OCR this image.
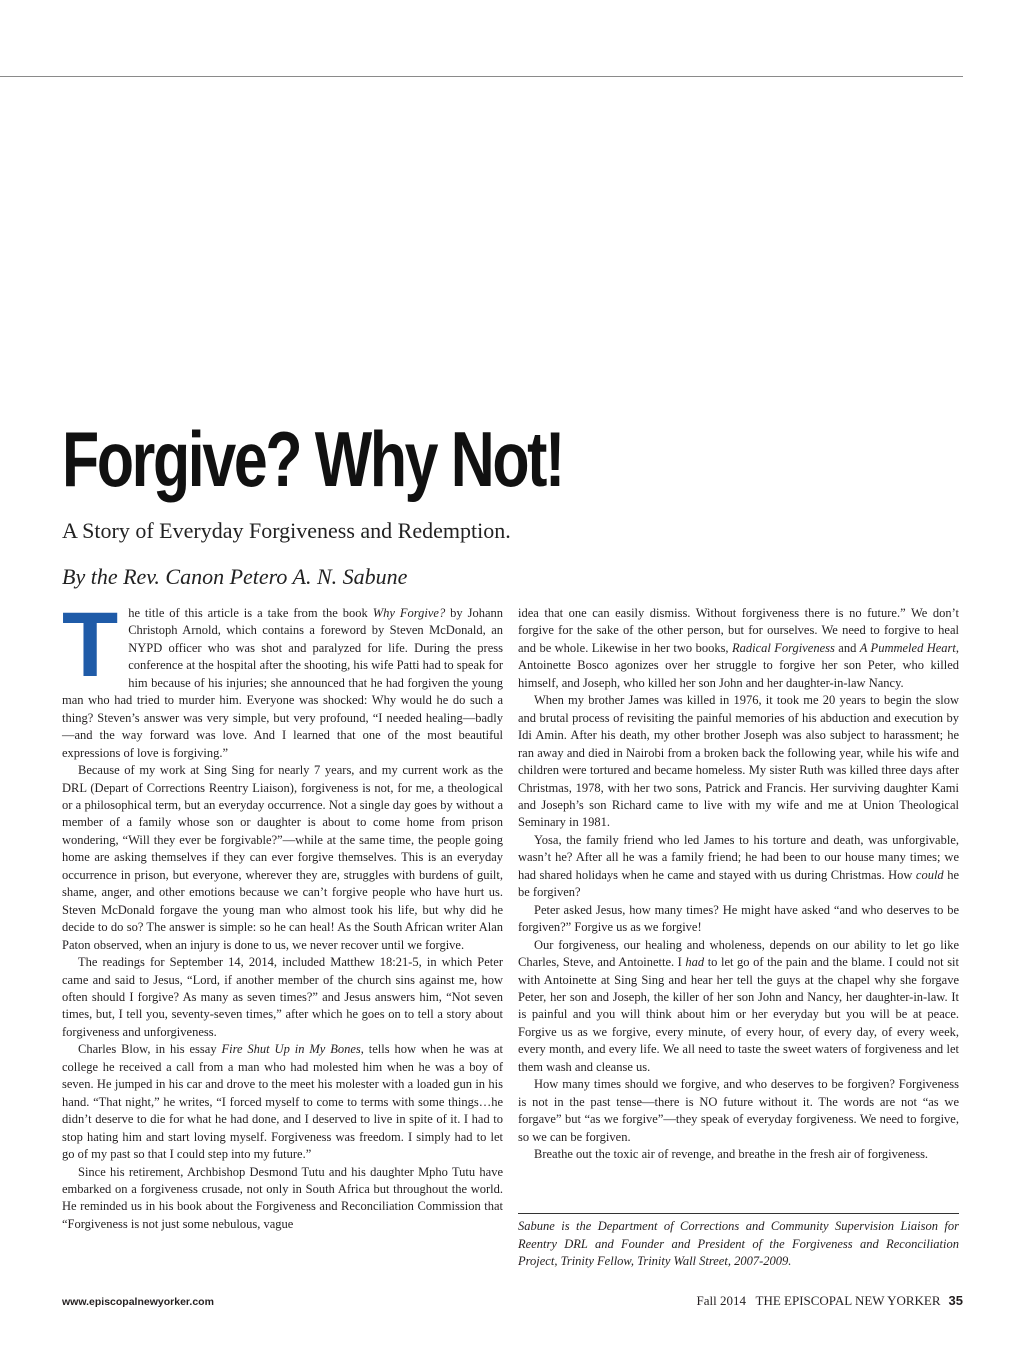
Forgive? Why Not!

A Story of Everyday Forgiveness and Redemption.

By the Rev. Canon Petero A. N. Sabune

The title of this article is a take from the book Why Forgive? by Johann Christoph Arnold, which contains a foreword by Steven McDonald, an NYPD officer who was shot and paralyzed for life. During the press conference at the hospital after the shooting, his wife Patti had to speak for him because of his injuries; she announced that he had forgiven the young man who had tried to murder him. Everyone was shocked: Why would he do such a thing? Steven’s answer was very simple, but very profound, “I needed healing—badly—and the way forward was love. And I learned that one of the most beautiful expressions of love is forgiving.”

Because of my work at Sing Sing for nearly 7 years, and my current work as the DRL (Depart of Corrections Reentry Liaison), forgiveness is not, for me, a theological or a philosophical term, but an everyday occurrence. Not a single day goes by without a member of a family whose son or daughter is about to come home from prison wondering, “Will they ever be forgivable?”—while at the same time, the people going home are asking themselves if they can ever forgive themselves. This is an everyday occurrence in prison, but everyone, wherever they are, struggles with burdens of guilt, shame, anger, and other emotions because we can’t forgive people who have hurt us. Steven McDonald forgave the young man who almost took his life, but why did he decide to do so? The answer is simple: so he can heal! As the South African writer Alan Paton observed, when an injury is done to us, we never recover until we forgive.

The readings for September 14, 2014, included Matthew 18:21-5, in which Peter came and said to Jesus, “Lord, if another member of the church sins against me, how often should I forgive? As many as seven times?” and Jesus answers him, “Not seven times, but, I tell you, seventy-seven times,” after which he goes on to tell a story about forgiveness and unforgiveness.

Charles Blow, in his essay Fire Shut Up in My Bones, tells how when he was at college he received a call from a man who had molested him when he was a boy of seven. He jumped in his car and drove to the meet his molester with a loaded gun in his hand. “That night,” he writes, “I forced myself to come to terms with some things…he didn’t deserve to die for what he had done, and I deserved to live in spite of it. I had to stop hating him and start loving myself. Forgiveness was freedom. I simply had to let go of my past so that I could step into my future.”

Since his retirement, Archbishop Desmond Tutu and his daughter Mpho Tutu have embarked on a forgiveness crusade, not only in South Africa but throughout the world. He reminded us in his book about the Forgiveness and Reconciliation Commission that “Forgiveness is not just some nebulous, vague

idea that one can easily dismiss. Without forgiveness there is no future.” We don’t forgive for the sake of the other person, but for ourselves. We need to forgive to heal and be whole. Likewise in her two books, Radical Forgiveness and A Pummeled Heart, Antoinette Bosco agonizes over her struggle to forgive her son Peter, who killed himself, and Joseph, who killed her son John and her daughter-in-law Nancy.

When my brother James was killed in 1976, it took me 20 years to begin the slow and brutal process of revisiting the painful memories of his abduction and execution by Idi Amin. After his death, my other brother Joseph was also subject to harassment; he ran away and died in Nairobi from a broken back the following year, while his wife and children were tortured and became homeless. My sister Ruth was killed three days after Christmas, 1978, with her two sons, Patrick and Francis. Her surviving daughter Kami and Joseph’s son Richard came to live with my wife and me at Union Theological Seminary in 1981.

Yosa, the family friend who led James to his torture and death, was unforgivable, wasn’t he? After all he was a family friend; he had been to our house many times; we had shared holidays when he came and stayed with us during Christmas. How could he be forgiven?

Peter asked Jesus, how many times? He might have asked “and who deserves to be forgiven?” Forgive us as we forgive!

Our forgiveness, our healing and wholeness, depends on our ability to let go like Charles, Steve, and Antoinette. I had to let go of the pain and the blame. I could not sit with Antoinette at Sing Sing and hear her tell the guys at the chapel why she forgave Peter, her son and Joseph, the killer of her son John and Nancy, her daughter-in-law. It is painful and you will think about him or her everyday but you will be at peace. Forgive us as we forgive, every minute, of every hour, of every day, of every week, every month, and every life. We all need to taste the sweet waters of forgiveness and let them wash and cleanse us.

How many times should we forgive, and who deserves to be forgiven? Forgiveness is not in the past tense—there is NO future without it. The words are not “as we forgave” but “as we forgive”—they speak of everyday forgiveness. We need to forgive, so we can be forgiven.

Breathe out the toxic air of revenge, and breathe in the fresh air of forgiveness.

Sabune is the Department of Corrections and Community Supervision Liaison for Reentry DRL and Founder and President of the Forgiveness and Reconciliation Project, Trinity Fellow, Trinity Wall Street, 2007-2009.

www.episcopalnewyorker.com	Fall 2014 THE EPISCOPAL NEW YORKER 35
